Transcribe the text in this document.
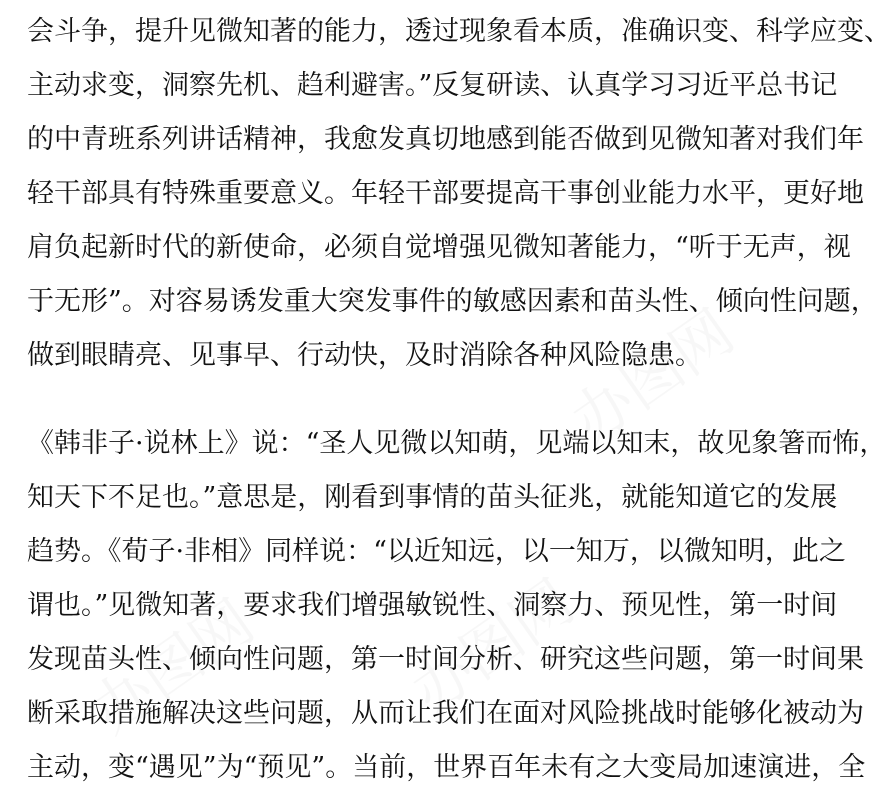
办图网
办图网
办图网
会斗争，提升见微知著的能力，透过现象看本质，准确识变、科学应变、
主动求变，洞察先机、趋利避害。”反复研读、认真学习习近平总书记
的中青班系列讲话精神，我愈发真切地感到能否做到见微知著对我们年
轻干部具有特殊重要意义。年轻干部要提高干事创业能力水平，更好地
肩负起新时代的新使命，必须自觉增强见微知著能力，“听于无声，视
于无形”。对容易诱发重大突发事件的敏感因素和苗头性、倾向性问题，
做到眼睛亮、见事早、行动快，及时消除各种风险隐患。
《韩非子·说林上》说：“圣人见微以知萌，见端以知末，故见象箸而怖，
知天下不足也。”意思是，刚看到事情的苗头征兆，就能知道它的发展
趋势。《荀子·非相》同样说：“以近知远，以一知万，以微知明，此之
谓也。”见微知著，要求我们增强敏锐性、洞察力、预见性，第一时间
发现苗头性、倾向性问题，第一时间分析、研究这些问题，第一时间果
断采取措施解决这些问题，从而让我们在面对风险挑战时能够化被动为
主动，变“遇见”为“预见”。当前，世界百年未有之大变局加速演进，全
